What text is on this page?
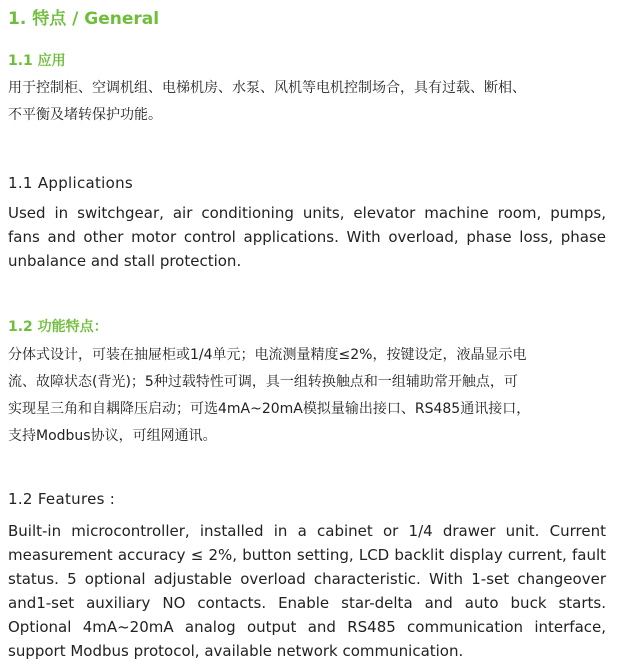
1. 特点 / General
1.1 应用
用于控制柜、空调机组、电梯机房、水泵、风机等电机控制场合，具有过载、断相、
不平衡及堵转保护功能。
1.1 Applications
Used in switchgear, air conditioning units, elevator machine room, pumps,
fans and other motor control applications. With overload, phase loss, phase
unbalance and stall protection.
1.2 功能特点：
分体式设计，可装在抽屉柜或1/4单元；电流测量精度≤2%，按键设定，液晶显示电
流、故障状态(背光)；5种过载特性可调，具一组转换触点和一组辅助常开触点，可
实现星三角和自耦降压启动；可选4mA~20mA模拟量输出接口、RS485通讯接口，
支持Modbus协议，可组网通讯。
1.2 Features :
Built-in microcontroller, installed in a cabinet or 1/4 drawer unit. Current
measurement accuracy ≤ 2%, button setting, LCD backlit display current, fault
status. 5 optional adjustable overload characteristic. With 1-set changeover
and1-set auxiliary NO contacts. Enable star-delta and auto buck starts.
Optional 4mA~20mA analog output and RS485 communication interface,
support Modbus protocol, available network communication.
